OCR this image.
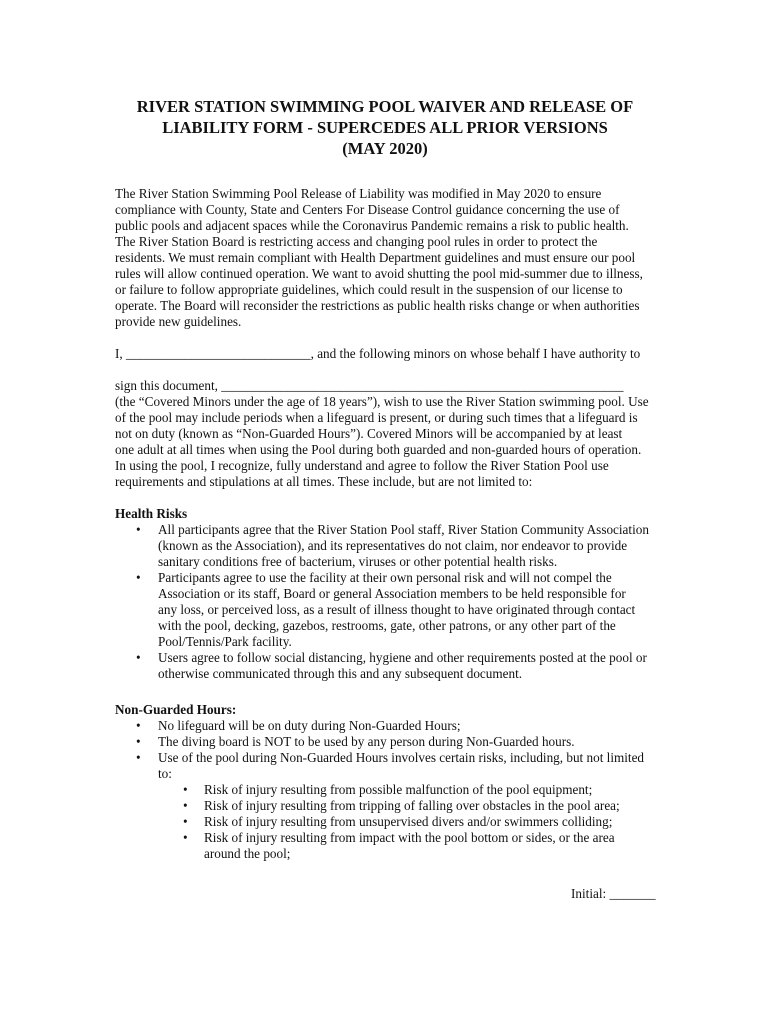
RIVER STATION SWIMMING POOL WAIVER AND RELEASE OF
LIABILITY FORM - SUPERCEDES ALL PRIOR VERSIONS
(MAY 2020)
The River Station Swimming Pool Release of Liability was modified in May 2020 to ensure
compliance with County, State and Centers For Disease Control guidance concerning the use of
public pools and adjacent spaces while the Coronavirus Pandemic remains a risk to public health.
The River Station Board is restricting access and changing pool rules in order to protect the
residents. We must remain compliant with Health Department guidelines and must ensure our pool
rules will allow continued operation. We want to avoid shutting the pool mid-summer due to illness,
or failure to follow appropriate guidelines, which could result in the suspension of our license to
operate. The Board will reconsider the restrictions as public health risks change or when authorities
provide new guidelines.
I, ____________________________, and the following minors on whose behalf I have authority to
sign this document, _____________________________________________________________
(the “Covered Minors under the age of 18 years”), wish to use the River Station swimming pool. Use
of the pool may include periods when a lifeguard is present, or during such times that a lifeguard is
not on duty (known as “Non-Guarded Hours”). Covered Minors will be accompanied by at least
one adult at all times when using the Pool during both guarded and non-guarded hours of operation.
In using the pool, I recognize, fully understand and agree to follow the River Station Pool use
requirements and stipulations at all times. These include, but are not limited to:
Health Risks
• All participants agree that the River Station Pool staff, River Station Community Association
(known as the Association), and its representatives do not claim, nor endeavor to provide
sanitary conditions free of bacterium, viruses or other potential health risks.
• Participants agree to use the facility at their own personal risk and will not compel the
Association or its staff, Board or general Association members to be held responsible for
any loss, or perceived loss, as a result of illness thought to have originated through contact
with the pool, decking, gazebos, restrooms, gate, other patrons, or any other part of the
Pool/Tennis/Park facility.
• Users agree to follow social distancing, hygiene and other requirements posted at the pool or
otherwise communicated through this and any subsequent document.
Non-Guarded Hours:
• No lifeguard will be on duty during Non-Guarded Hours;
• The diving board is NOT to be used by any person during Non-Guarded hours.
• Use of the pool during Non-Guarded Hours involves certain risks, including, but not limited
to:
• Risk of injury resulting from possible malfunction of the pool equipment;
• Risk of injury resulting from tripping of falling over obstacles in the pool area;
• Risk of injury resulting from unsupervised divers and/or swimmers colliding;
• Risk of injury resulting from impact with the pool bottom or sides, or the area
around the pool;
Initial: _______
